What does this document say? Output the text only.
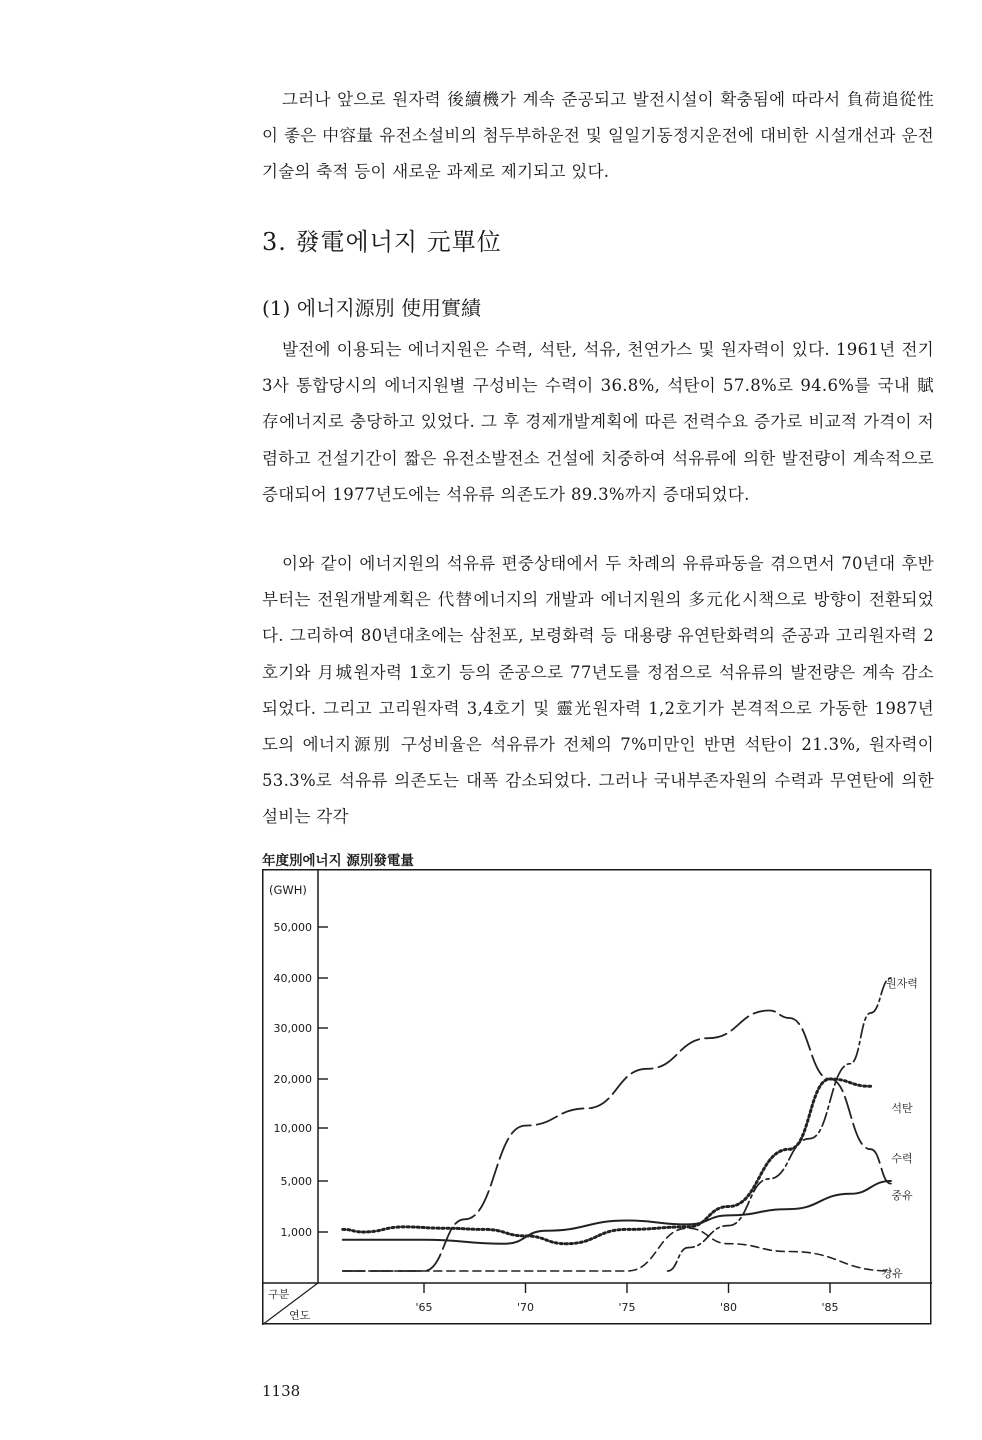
그러나 앞으로 원자력 後續機가 계속 준공되고 발전시설이 확충됨에 따라서 負荷追從性이 좋은 中容量 유전소설비의 첨두부하운전 및 일일기동정지운전에 대비한 시설개선과 운전기술의 축적 등이 새로운 과제로 제기되고 있다.

3. 發電에너지 元單位
(1) 에너지源別 使用實績

발전에 이용되는 에너지원은 수력, 석탄, 석유, 천연가스 및 원자력이 있다. 1961년 전기3사 통합당시의 에너지원별 구성비는 수력이 36.8%, 석탄이 57.8%로 94.6%를 국내 賦存에너지로 충당하고 있었다. 그 후 경제개발계획에 따른 전력수요 증가로 비교적 가격이 저렴하고 건설기간이 짧은 유전소발전소 건설에 치중하여 석유류에 의한 발전량이 계속적으로 증대되어 1977년도에는 석유류 의존도가 89.3%까지 증대되었다.

이와 같이 에너지원의 석유류 편중상태에서 두 차례의 유류파동을 겪으면서 70년대 후반부터는 전원개발계획은 代替에너지의 개발과 에너지원의 多元化시책으로 방향이 전환되었다. 그리하여 80년대초에는 삼천포, 보령화력 등 대용량 유연탄화력의 준공과 고리원자력 2호기와 月城원자력 1호기 등의 준공으로 77년도를 정점으로 석유류의 발전량은 계속 감소되었다. 그리고 고리원자력 3,4호기 및 靈光원자력 1,2호기가 본격적으로 가동한 1987년도의 에너지源別 구성비율은 석유류가 전체의 7%미만인 반면 석탄이 21.3%, 원자력이 53.3%로 석유류 의존도는 대폭 감소되었다. 그러나 국내부존자원의 수력과 무연탄에 의한 설비는 각각

年度別에너지 源別發電量

구분
연도
(GWH)
1,000
5,000
10,000
20,000
30,000
40,000
50,000
'65	'70	'75	'80	'85
원자력
석탄
수력
중유
경유

1138
